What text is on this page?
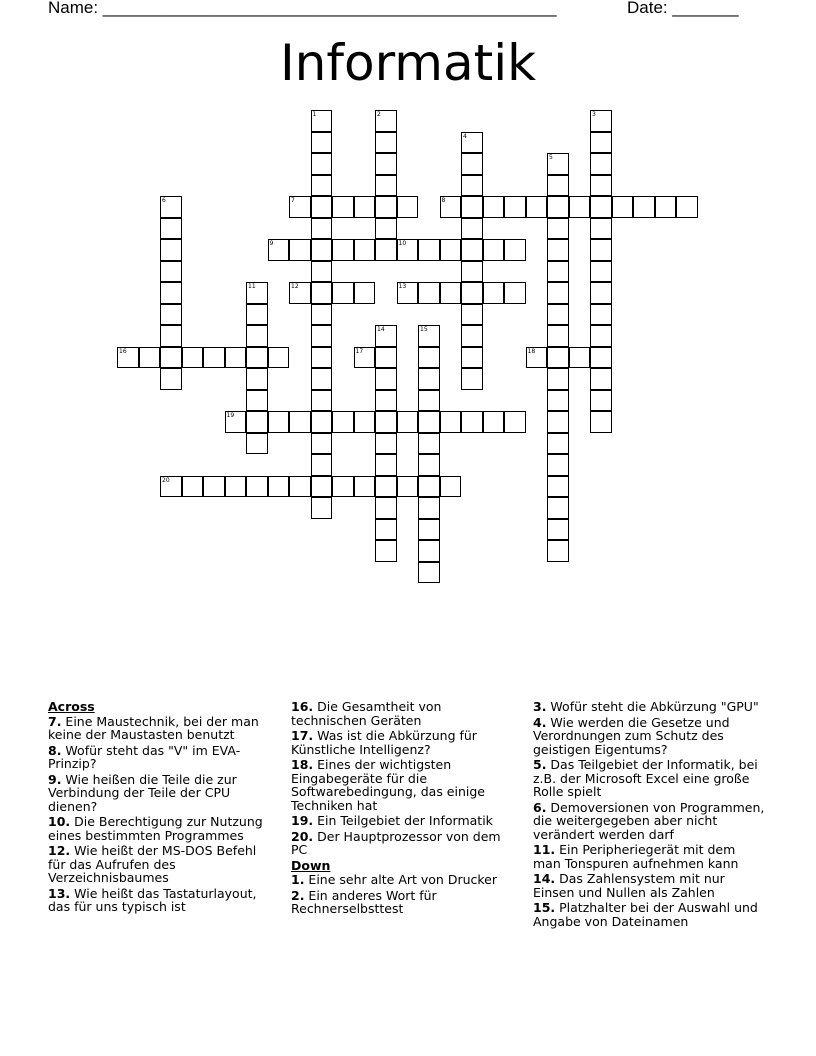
Name: ________________________________________________	Date: _______
Informatik
1	2	3
4
5
6	7	8
9	10
11	12	13
14	15
16	17	18
19
20
Across
7. Eine Maustechnik, bei der man keine der Maustasten benutzt
8. Wofür steht das "V" im EVA-Prinzip?
9. Wie heißen die Teile die zur Verbindung der Teile der CPU dienen?
10. Die Berechtigung zur Nutzung eines bestimmten Programmes
12. Wie heißt der MS-DOS Befehl für das Aufrufen des Verzeichnisbaumes
13. Wie heißt das Tastaturlayout, das für uns typisch ist
16. Die Gesamtheit von technischen Geräten
17. Was ist die Abkürzung für Künstliche Intelligenz?
18. Eines der wichtigsten Eingabegeräte für die Softwarebedingung, das einige Techniken hat
19. Ein Teilgebiet der Informatik
20. Der Hauptprozessor von dem PC
Down
1. Eine sehr alte Art von Drucker
2. Ein anderes Wort für Rechnerselbsttest
3. Wofür steht die Abkürzung "GPU"
4. Wie werden die Gesetze und Verordnungen zum Schutz des geistigen Eigentums?
5. Das Teilgebiet der Informatik, bei z.B. der Microsoft Excel eine große Rolle spielt
6. Demoversionen von Programmen, die weitergegeben aber nicht verändert werden darf
11. Ein Peripheriegerät mit dem man Tonspuren aufnehmen kann
14. Das Zahlensystem mit nur Einsen und Nullen als Zahlen
15. Platzhalter bei der Auswahl und Angabe von Dateinamen
